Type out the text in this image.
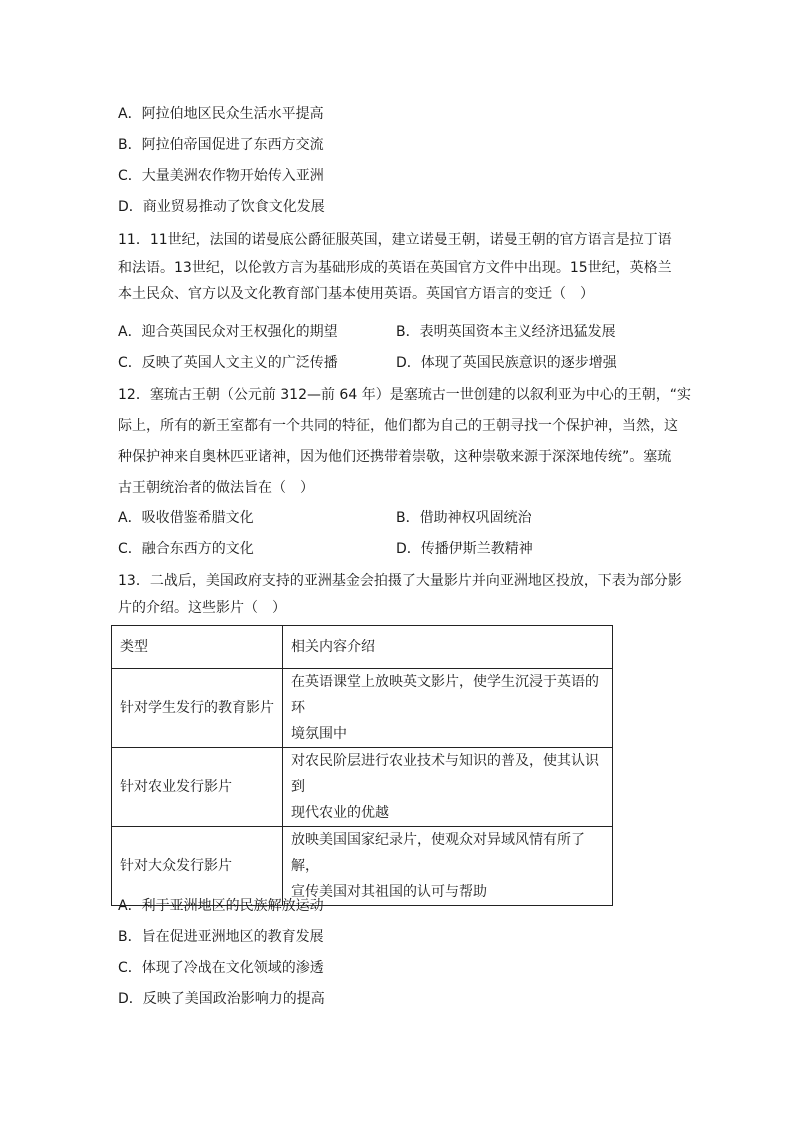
A．阿拉伯地区民众生活水平提高
B．阿拉伯帝国促进了东西方交流
C．大量美洲农作物开始传入亚洲
D．商业贸易推动了饮食文化发展
11．11世纪，法国的诺曼底公爵征服英国，建立诺曼王朝，诺曼王朝的官方语言是拉丁语
和法语。13世纪，以伦敦方言为基础形成的英语在英国官方文件中出现。15世纪，英格兰
本土民众、官方以及文化教育部门基本使用英语。英国官方语言的变迁（　）
A．迎合英国民众对王权强化的期望	B．表明英国资本主义经济迅猛发展
C．反映了英国人文主义的广泛传播	D．体现了英国民族意识的逐步增强
12．塞琉古王朝（公元前 312—前 64 年）是塞琉古一世创建的以叙利亚为中心的王朝，“实
际上，所有的新王室都有一个共同的特征，他们都为自己的王朝寻找一个保护神，当然，这
种保护神来自奥林匹亚诸神，因为他们还携带着崇敬，这种崇敬来源于深深地传统”。塞琉
古王朝统治者的做法旨在（　）
A．吸收借鉴希腊文化	B．借助神权巩固统治
C．融合东西方的文化	D．传播伊斯兰教精神
13．二战后，美国政府支持的亚洲基金会拍摄了大量影片并向亚洲地区投放，下表为部分影
片的介绍。这些影片（　）
类型	相关内容介绍
针对学生发行的教育影片	在英语课堂上放映英文影片，使学生沉浸于英语的环
境氛围中

针对农业发行影片	对农民阶层进行农业技术与知识的普及，使其认识到
现代农业的优越

针对大众发行影片	放映美国国家纪录片，使观众对异域风情有所了解，
宣传美国对其祖国的认可与帮助
A．利于亚洲地区的民族解放运动
B．旨在促进亚洲地区的教育发展
C．体现了冷战在文化领域的渗透
D．反映了美国政治影响力的提高
